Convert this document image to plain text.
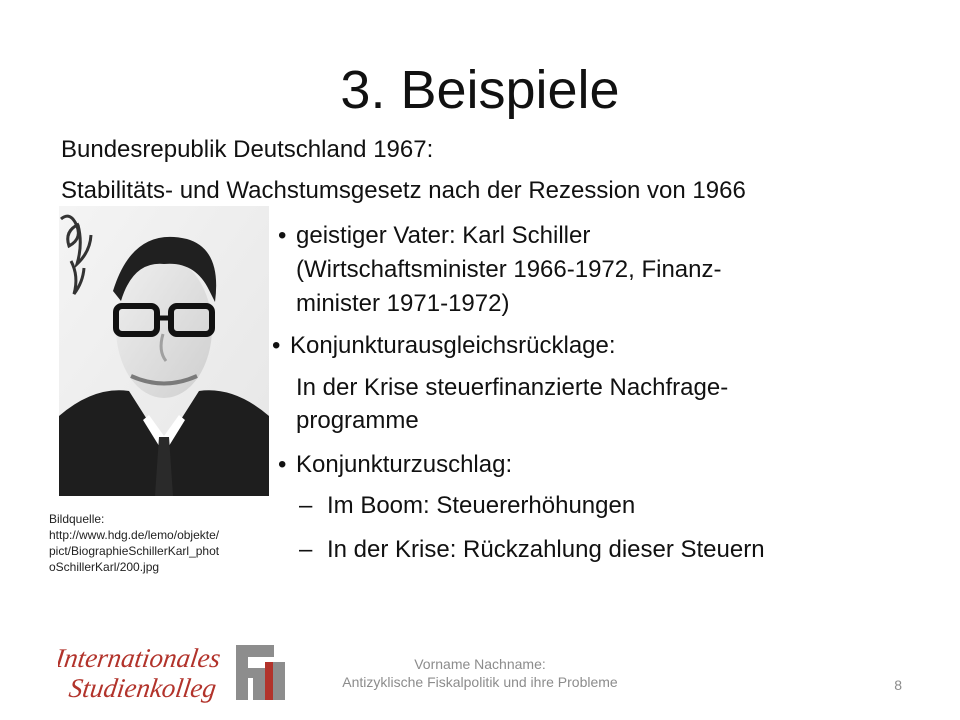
3. Beispiele
Bundesrepublik Deutschland 1967:
Stabilitäts- und Wachstumsgesetz nach der Rezession von 1966
• geistiger Vater: Karl Schiller
(Wirtschaftsminister 1966-1972, Finanz-
minister 1971-1972)
• Konjunkturausgleichsrücklage:
In der Krise steuerfinanzierte Nachfrage-
programme
• Konjunkturzuschlag:
– Im Boom: Steuererhöhungen
– In der Krise: Rückzahlung dieser Steuern
Bildquelle:
http://www.hdg.de/lemo/objekte/
pict/BiographieSchillerKarl_phot
oSchillerKarl/200.jpg
Internationales
Studienkolleg
fH
Vorname Nachname:
Antizyklische Fiskalpolitik und ihre Probleme	8
